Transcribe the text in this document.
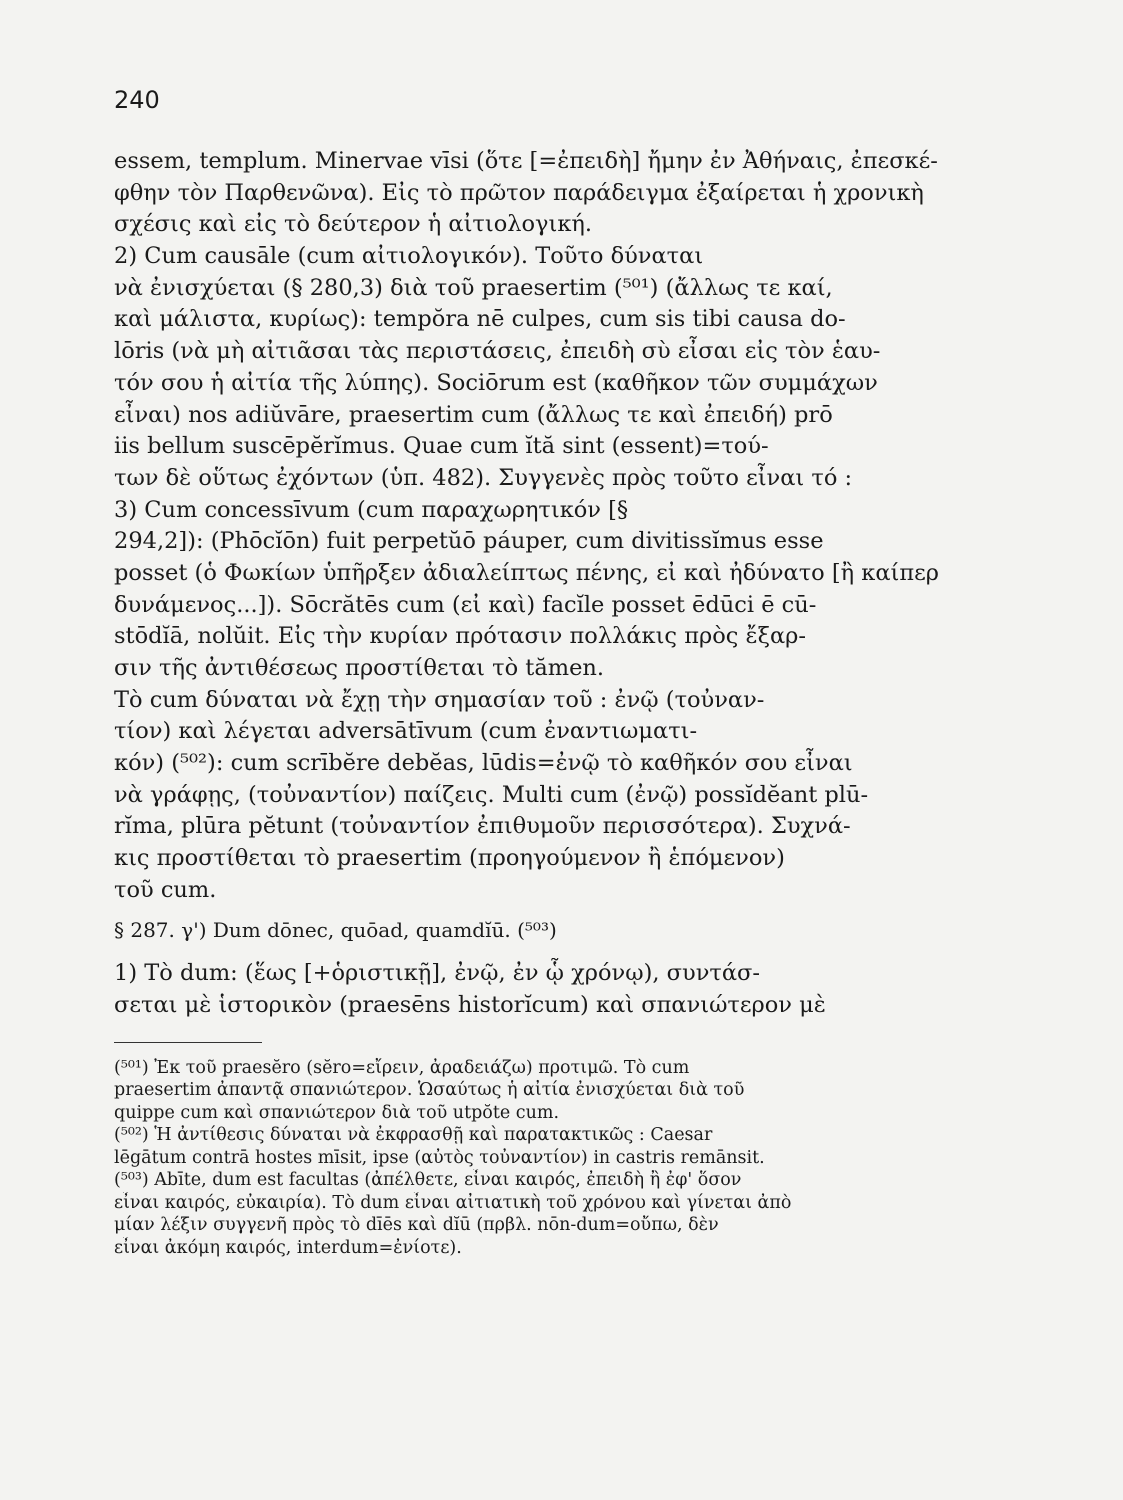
240
essem, templum. Minervae vīsi (ὅτε [=ἐπειδὴ] ἤμην ἐν Ἀθήναις, ἐπεσκέ-
φθην τὸν Παρθενῶνα). Εἰς τὸ πρῶτον παράδειγμα ἐξαίρεται ἡ χρονικὴ
σχέσις καὶ εἰς τὸ δεύτερον ἡ αἰτιολογική.
2) Cum causāle (cum αἰτιολογικόν). Τοῦτο δύναται
νὰ ἐνισχύεται (§ 280,3) διὰ τοῦ praesertim (⁵⁰¹) (ἄλλως τε καί,
καὶ μάλιστα, κυρίως): tempŏra nē culpes, cum sis tibi causa do-
lōris (νὰ μὴ αἰτιᾶσαι τὰς περιστάσεις, ἐπειδὴ σὺ εἶσαι εἰς τὸν ἑαυ-
τόν σου ἡ αἰτία τῆς λύπης). Sociōrum est (καθῆκον τῶν συμμάχων
εἶναι) nos adiŭvāre, praesertim cum (ἄλλως τε καὶ ἐπειδή) prō
iis bellum suscēpĕrĭmus. Quae cum ĭtă sint (essent)=τού-
των δὲ οὕτως ἐχόντων (ὑπ. 482). Συγγενὲς πρὸς τοῦτο εἶναι τό :
3) Cum concessīvum (cum παραχωρητικόν [§
294,2]): (Phōcĭōn) fuit perpetŭō páuper, cum divitissĭmus esse
posset (ὁ Φωκίων ὑπῆρξεν ἀδιαλείπτως πένης, εἰ καὶ ἠδύνατο [ἢ καίπερ
δυνάμενος...]). Sōcrătēs cum (εἰ καὶ) facĭle posset ēdūci ē cū-
stōdĭā, nolŭit. Εἰς τὴν κυρίαν πρότασιν πολλάκις πρὸς ἔξαρ-
σιν τῆς ἀντιθέσεως προστίθεται τὸ tămen.
Τὸ cum δύναται νὰ ἔχῃ τὴν σημασίαν τοῦ : ἐνῷ (τοὐναν-
τίον) καὶ λέγεται adversātīvum (cum ἐναντιωματι-
κόν) (⁵⁰²): cum scrībĕre debĕas, lūdis=ἐνῷ τὸ καθῆκόν σου εἶναι
νὰ γράφῃς, (τοὐναντίον) παίζεις. Multi cum (ἐνῷ) possĭdĕant plū-
rĭma, plūra pĕtunt (τοὐναντίον ἐπιθυμοῦν περισσότερα). Συχνά-
κις προστίθεται τὸ praesertim (προηγούμενον ἢ ἑπόμενον)
τοῦ cum.
§ 287. γ') Dum dōnec, quōad, quamdĭū. (⁵⁰³)
1) Τὸ dum: (ἕως [+ὁριστικῇ], ἐνῷ, ἐν ᾧ χρόνῳ), συντάσ-
σεται μὲ ἱστορικὸν (praesēns historĭcum) καὶ σπανιώτερον μὲ
(⁵⁰¹) Ἐκ τοῦ praesĕro (sĕro=εἴρειν, ἀραδειάζω) προτιμῶ. Τὸ cum
praesertim ἀπαντᾷ σπανιώτερον. Ὡσαύτως ἡ αἰτία ἐνισχύεται διὰ τοῦ
quippe cum καὶ σπανιώτερον διὰ τοῦ utpŏte cum.
(⁵⁰²) Ἡ ἀντίθεσις δύναται νὰ ἐκφρασθῇ καὶ παρατακτικῶς : Caesar
lēgātum contrā hostes mīsit, ipse (αὐτὸς τοὐναντίον) in castris remānsit.
(⁵⁰³) Abīte, dum est facultas (ἀπέλθετε, εἶναι καιρός, ἐπειδὴ ἢ ἐφ' ὅσον
εἶναι καιρός, εὐκαιρία). Τὸ dum εἶναι αἰτιατικὴ τοῦ χρόνου καὶ γίνεται ἀπὸ
μίαν λέξιν συγγενῆ πρὸς τὸ dīēs καὶ dĭū (πρβλ. nōn-dum=οὔπω, δὲν
εἶναι ἀκόμη καιρός, interdum=ἐνίοτε).
